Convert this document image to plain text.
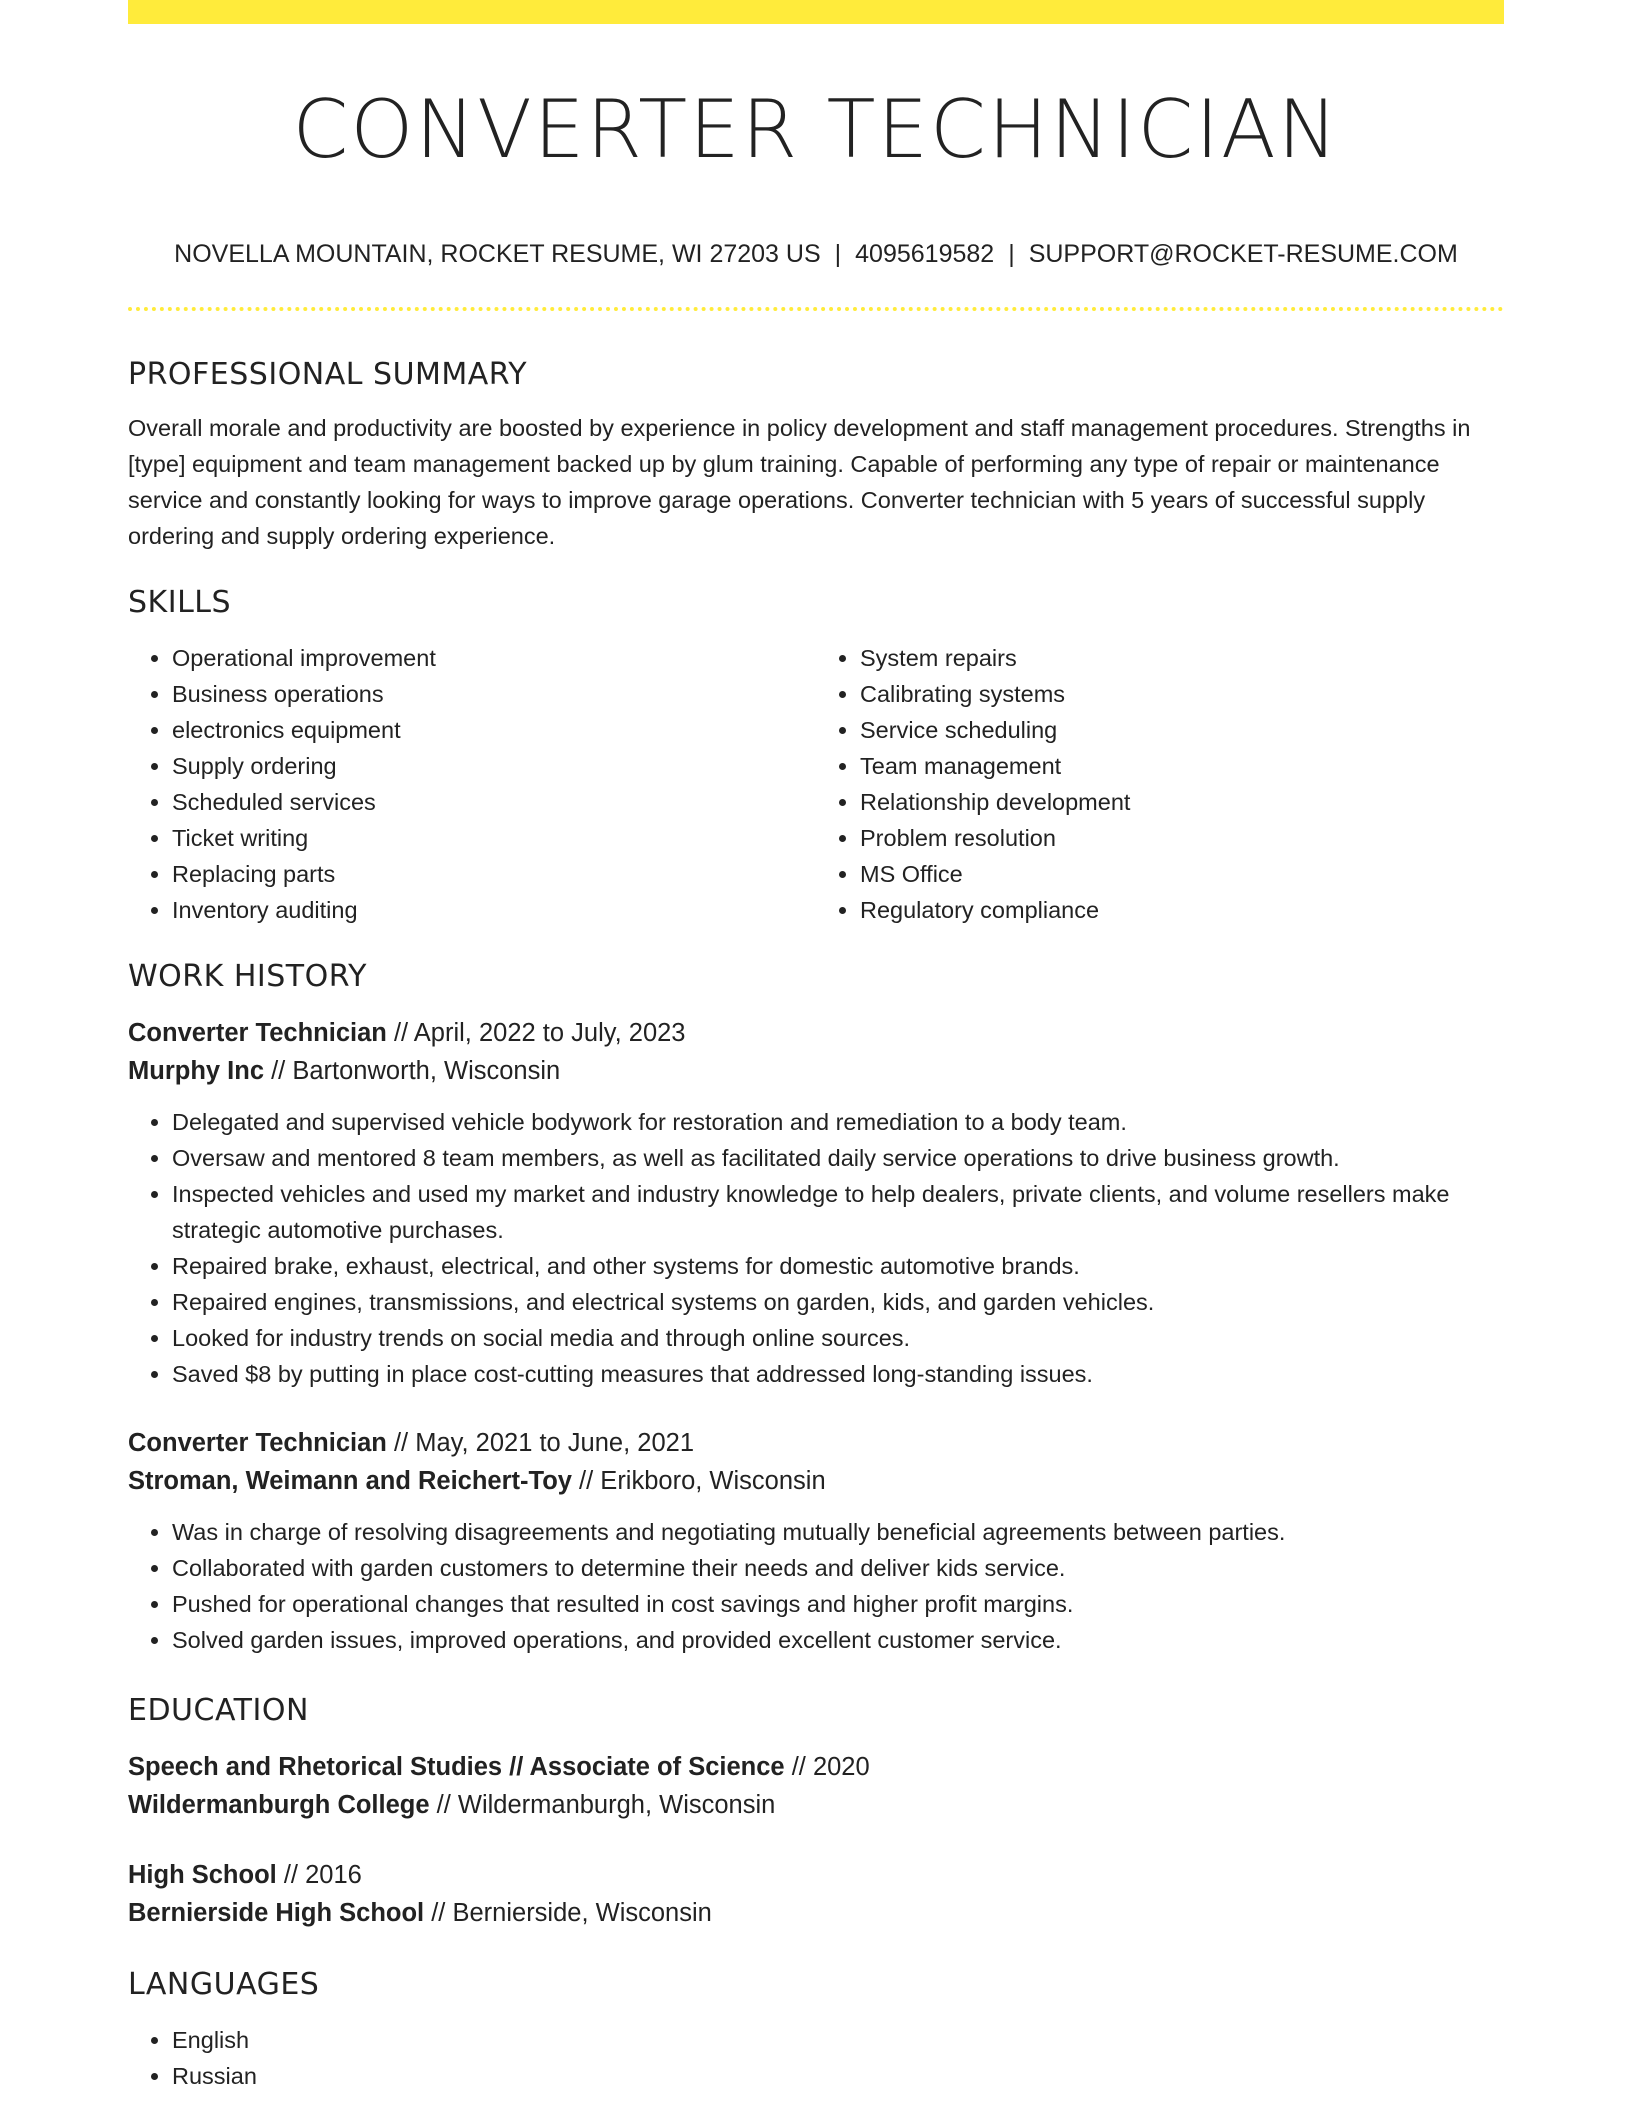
CONVERTER TECHNICIAN
NOVELLA MOUNTAIN, ROCKET RESUME, WI 27203 US | 4095619582 | SUPPORT@ROCKET-RESUME.COM
PROFESSIONAL SUMMARY

Overall morale and productivity are boosted by experience in policy development and staff management procedures. Strengths in [type] equipment and team management backed up by glum training. Capable of performing any type of repair or maintenance service and constantly looking for ways to improve garage operations. Converter technician with 5 years of successful supply ordering and supply ordering experience.

SKILLS
• Operational improvement
• Business operations
• electronics equipment
• Supply ordering
• Scheduled services
• Ticket writing
• Replacing parts
• Inventory auditing
• System repairs
• Calibrating systems
• Service scheduling
• Team management
• Relationship development
• Problem resolution
• MS Office
• Regulatory compliance
WORK HISTORY
Converter Technician // April, 2022 to July, 2023
Murphy Inc // Bartonworth, Wisconsin
• Delegated and supervised vehicle bodywork for restoration and remediation to a body team.
• Oversaw and mentored 8 team members, as well as facilitated daily service operations to drive business growth.
• Inspected vehicles and used my market and industry knowledge to help dealers, private clients, and volume resellers make strategic automotive purchases.
• Repaired brake, exhaust, electrical, and other systems for domestic automotive brands.
• Repaired engines, transmissions, and electrical systems on garden, kids, and garden vehicles.
• Looked for industry trends on social media and through online sources.
• Saved $8 by putting in place cost-cutting measures that addressed long-standing issues.
Converter Technician // May, 2021 to June, 2021
Stroman, Weimann and Reichert-Toy // Erikboro, Wisconsin
• Was in charge of resolving disagreements and negotiating mutually beneficial agreements between parties.
• Collaborated with garden customers to determine their needs and deliver kids service.
• Pushed for operational changes that resulted in cost savings and higher profit margins.
• Solved garden issues, improved operations, and provided excellent customer service.
EDUCATION
Speech and Rhetorical Studies // Associate of Science // 2020
Wildermanburgh College // Wildermanburgh, Wisconsin
High School // 2016
Bernierside High School // Bernierside, Wisconsin
LANGUAGES
• English
• Russian
